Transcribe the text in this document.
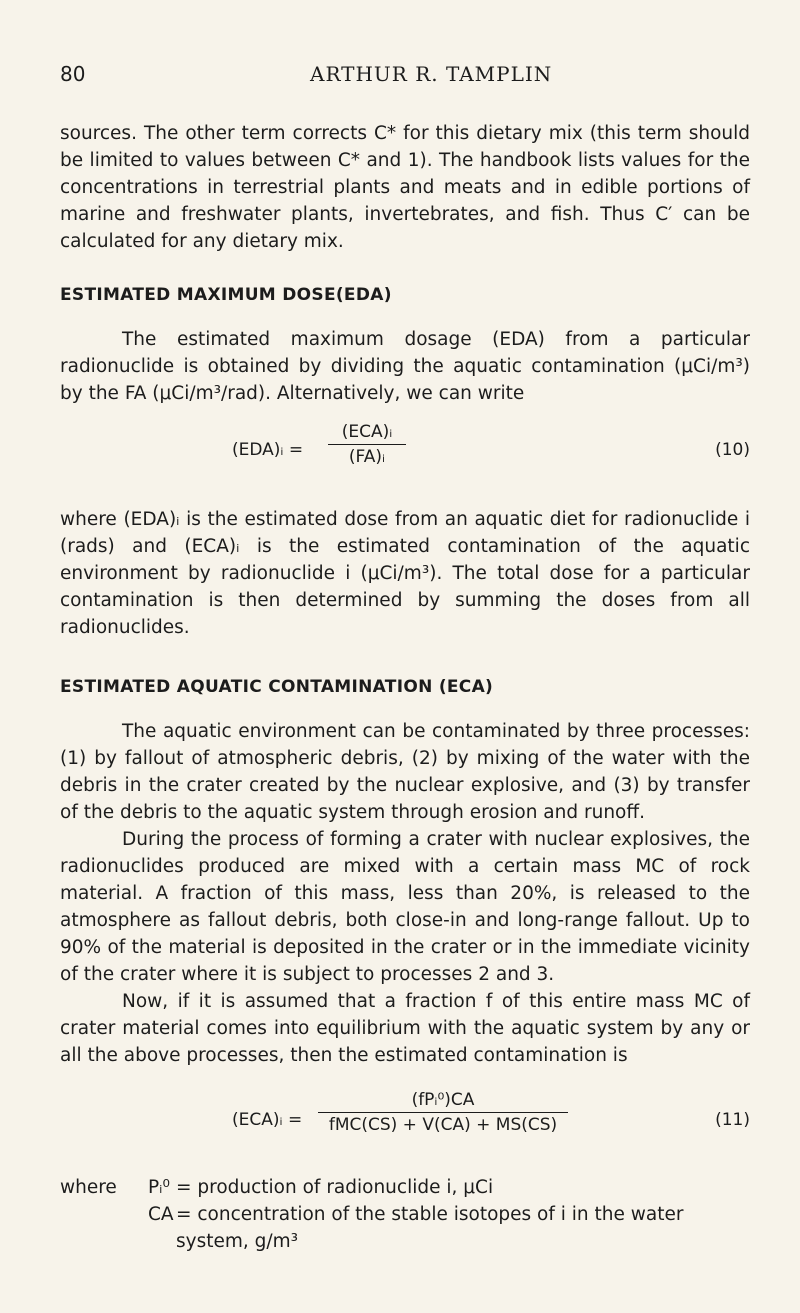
80	ARTHUR R. TAMPLIN

sources. The other term corrects C* for this dietary mix (this term should be limited to values between C* and 1). The handbook lists values for the concentrations in terrestrial plants and meats and in edible portions of marine and freshwater plants, invertebrates, and fish. Thus C′ can be calculated for any dietary mix.

ESTIMATED MAXIMUM DOSE(EDA)

The estimated maximum dosage (EDA) from a particular radionuclide is obtained by dividing the aquatic contamination (μCi/m³) by the FA (μCi/m³/rad). Alternatively, we can write

(EDA)ᵢ =
(ECA)ᵢ
(FA)ᵢ	(10)

where (EDA)ᵢ is the estimated dose from an aquatic diet for radionuclide i (rads) and (ECA)ᵢ is the estimated contamination of the aquatic environment by radionuclide i (μCi/m³). The total dose for a particular contamination is then determined by summing the doses from all radionuclides.

ESTIMATED AQUATIC CONTAMINATION (ECA)

The aquatic environment can be contaminated by three processes: (1) by fallout of atmospheric debris, (2) by mixing of the water with the debris in the crater created by the nuclear explosive, and (3) by transfer of the debris to the aquatic system through erosion and runoff.

During the process of forming a crater with nuclear explosives, the radionuclides produced are mixed with a certain mass MC of rock material. A fraction of this mass, less than 20%, is released to the atmosphere as fallout debris, both close-in and long-range fallout. Up to 90% of the material is deposited in the crater or in the immediate vicinity of the crater where it is subject to processes 2 and 3.

Now, if it is assumed that a fraction f of this entire mass MC of crater material comes into equilibrium with the aquatic system by any or all the above processes, then the estimated contamination is

(ECA)ᵢ =
(fPᵢ⁰)CA
fMC(CS) + V(CA) + MS(CS)	(11)
where	Pᵢ⁰ = production of radionuclide i, μCi
CA = concentration of the stable isotopes of i in the water system, g/m³
